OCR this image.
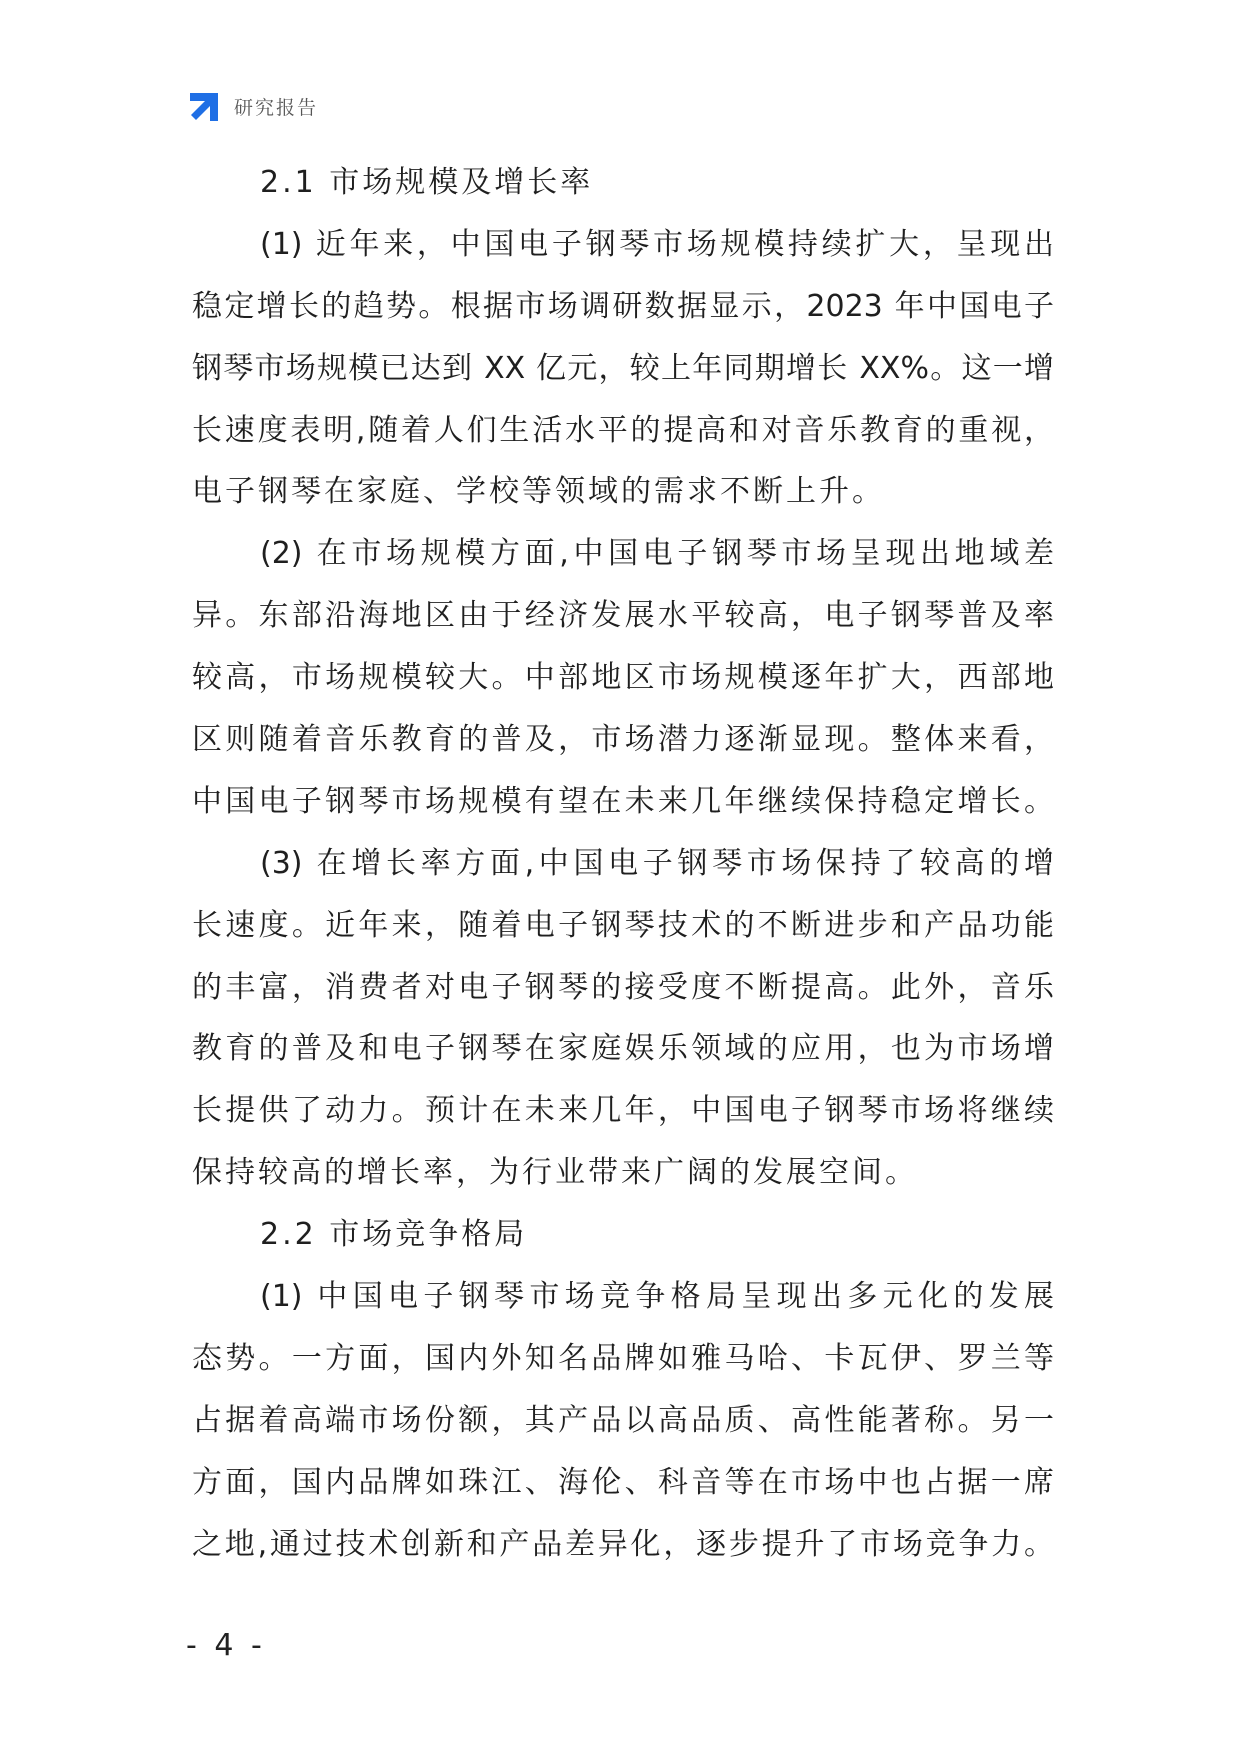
研究报告
2.1 市场规模及增长率
(1) 近年来，中国电子钢琴市场规模持续扩大，呈现出
稳定增长的趋势。根据市场调研数据显示，2023 年中国电子
钢琴市场规模已达到 XX 亿元，较上年同期增长 XX%。这一增
长速度表明,随着人们生活水平的提高和对音乐教育的重视，
电子钢琴在家庭、学校等领域的需求不断上升。
(2) 在市场规模方面,中国电子钢琴市场呈现出地域差
异。东部沿海地区由于经济发展水平较高，电子钢琴普及率
较高，市场规模较大。中部地区市场规模逐年扩大，西部地
区则随着音乐教育的普及，市场潜力逐渐显现。整体来看，
中国电子钢琴市场规模有望在未来几年继续保持稳定增长。
(3) 在增长率方面,中国电子钢琴市场保持了较高的增
长速度。近年来，随着电子钢琴技术的不断进步和产品功能
的丰富，消费者对电子钢琴的接受度不断提高。此外，音乐
教育的普及和电子钢琴在家庭娱乐领域的应用，也为市场增
长提供了动力。预计在未来几年，中国电子钢琴市场将继续
保持较高的增长率，为行业带来广阔的发展空间。
2.2 市场竞争格局
(1) 中国电子钢琴市场竞争格局呈现出多元化的发展
态势。一方面，国内外知名品牌如雅马哈、卡瓦伊、罗兰等
占据着高端市场份额，其产品以高品质、高性能著称。另一
方面，国内品牌如珠江、海伦、科音等在市场中也占据一席
之地,通过技术创新和产品差异化，逐步提升了市场竞争力。
- 4 -
